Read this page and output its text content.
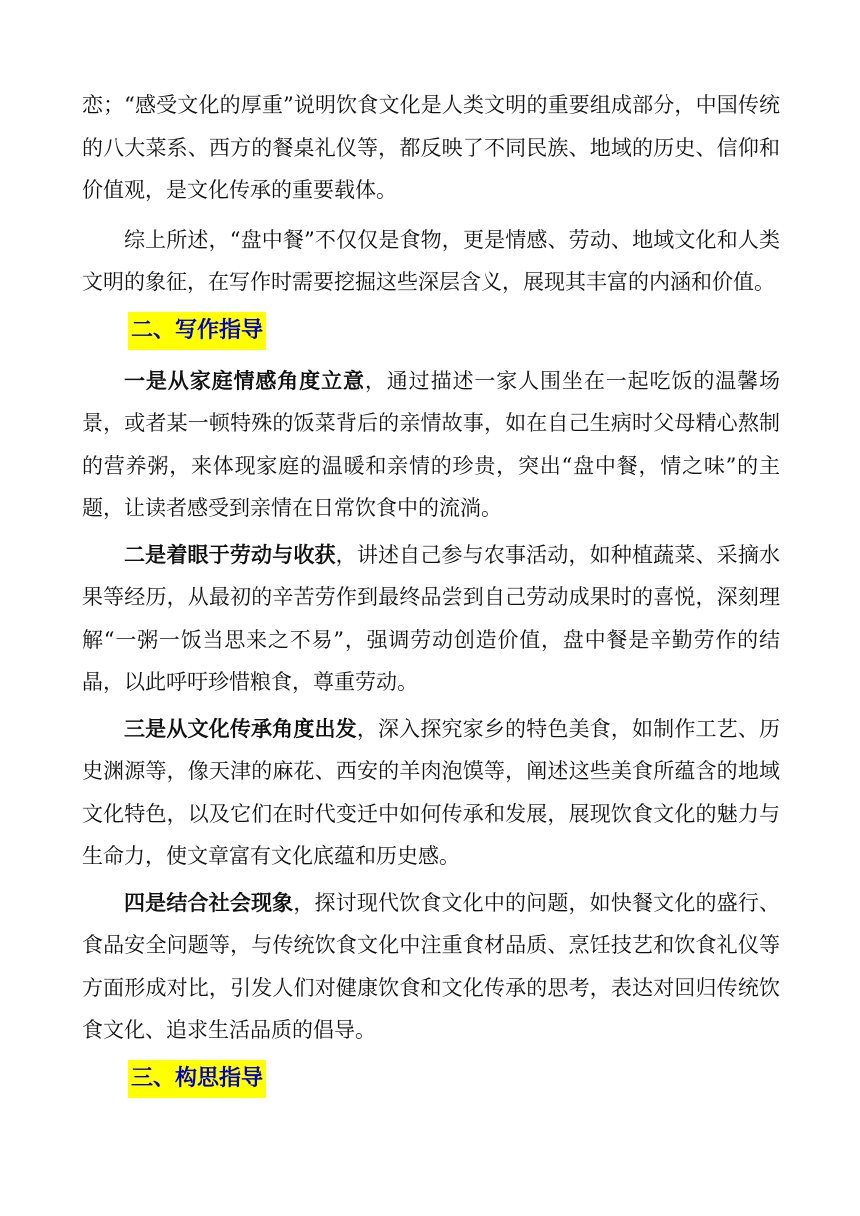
恋；“感受文化的厚重”说明饮食文化是人类文明的重要组成部分，中国传统的八大菜系、西方的餐桌礼仪等，都反映了不同民族、地域的历史、信仰和价值观，是文化传承的重要载体。

综上所述，“盘中餐”不仅仅是食物，更是情感、劳动、地域文化和人类文明的象征，在写作时需要挖掘这些深层含义，展现其丰富的内涵和价值。

二、写作指导

一是从家庭情感角度立意，通过描述一家人围坐在一起吃饭的温馨场景，或者某一顿特殊的饭菜背后的亲情故事，如在自己生病时父母精心熬制的营养粥，来体现家庭的温暖和亲情的珍贵，突出“盘中餐，情之味”的主题，让读者感受到亲情在日常饮食中的流淌。

二是着眼于劳动与收获，讲述自己参与农事活动，如种植蔬菜、采摘水果等经历，从最初的辛苦劳作到最终品尝到自己劳动成果时的喜悦，深刻理解“一粥一饭当思来之不易”，强调劳动创造价值，盘中餐是辛勤劳作的结晶，以此呼吁珍惜粮食，尊重劳动。

三是从文化传承角度出发，深入探究家乡的特色美食，如制作工艺、历史渊源等，像天津的麻花、西安的羊肉泡馍等，阐述这些美食所蕴含的地域文化特色，以及它们在时代变迁中如何传承和发展，展现饮食文化的魅力与生命力，使文章富有文化底蕴和历史感。

四是结合社会现象，探讨现代饮食文化中的问题，如快餐文化的盛行、食品安全问题等，与传统饮食文化中注重食材品质、烹饪技艺和饮食礼仪等方面形成对比，引发人们对健康饮食和文化传承的思考，表达对回归传统饮食文化、追求生活品质的倡导。

三、构思指导
